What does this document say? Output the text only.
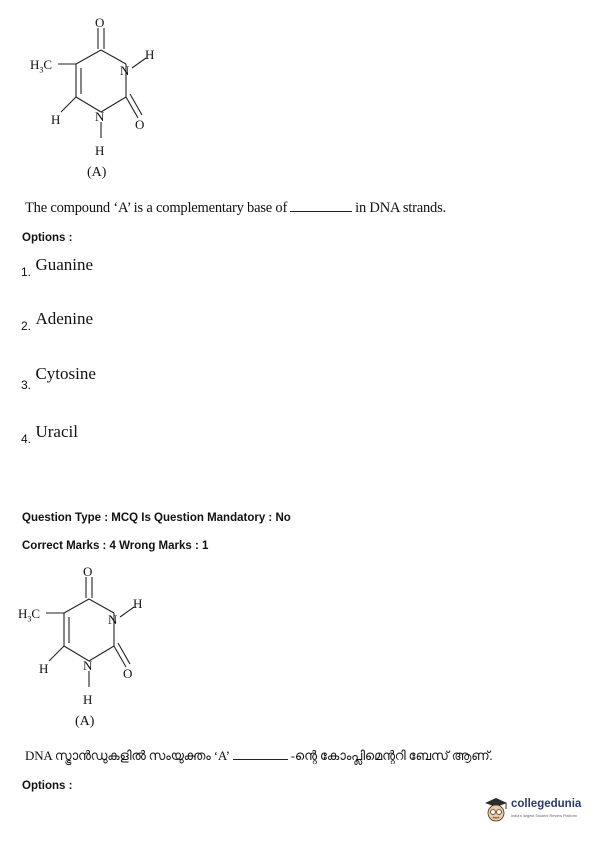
O
$H_3C$	N
H
H	N
O
H
(A)
The compound ‘A’ is a complementary base of	in DNA strands.
Options :
$_{1.}$ Guanine
$_{2.}$ Adenine
$_{3.}$ Cytosine
$_{4.}$ Uracil
Question Type : MCQ Is Question Mandatory : No
Correct Marks : 4 Wrong Marks : 1
O
$H_3C$	N
H
H	N
O
H
(A)
DNA സ്ട്രാൻഡുകളിൽ സംയുക്തം ‘A’	-ന്റെ കോംപ്ലിമെന്ററി ബേസ് ആണ്.
Options :
collegedunia
India's largest Student Review Platform
